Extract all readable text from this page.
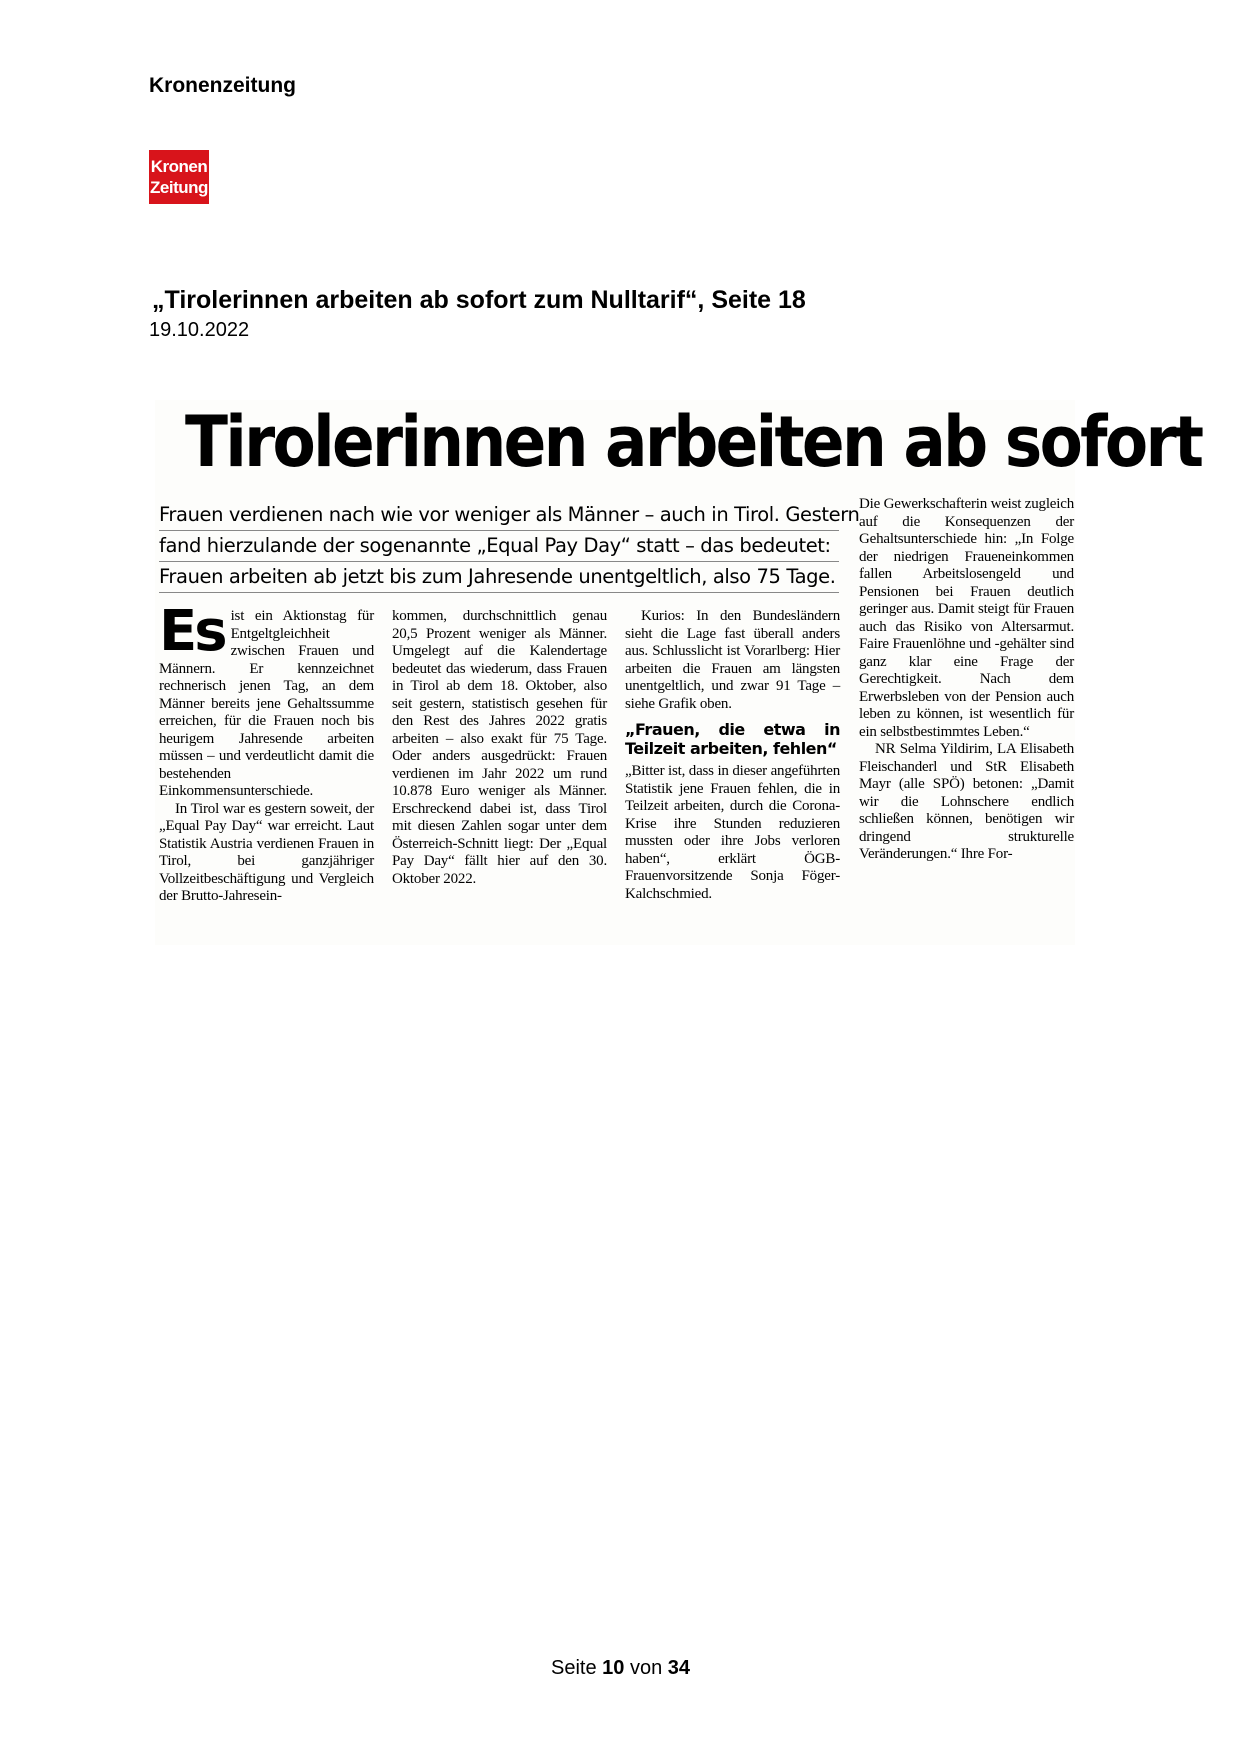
Kronenzeitung
Kronen
Zeitung
„Tirolerinnen arbeiten ab sofort zum Nulltarif“, Seite 18
19.10.2022
Tirolerinnen arbeiten ab sofort
Frauen verdienen nach wie vor weniger als Männer – auch in Tirol. Gestern
fand hierzulande der sogenannte „Equal Pay Day“ statt – das bedeutet:
Frauen arbeiten ab jetzt bis zum Jahresende unentgeltlich, also 75 Tage.
Es ist ein Aktionstag für Entgeltgleichheit zwischen Frauen und Männern. Er kennzeichnet rechnerisch jenen Tag, an dem Männer bereits jene Gehaltssumme erreichen, für die Frauen noch bis heurigem Jahresende arbeiten müssen – und verdeutlicht damit die bestehenden Einkommensunterschiede.

In Tirol war es gestern soweit, der „Equal Pay Day“ war erreicht. Laut Statistik Austria verdienen Frauen in Tirol, bei ganzjähriger Vollzeitbeschäftigung und Vergleich der Brutto-Jahresein-

kommen, durchschnittlich genau 20,5 Prozent weniger als Männer. Umgelegt auf die Kalendertage bedeutet das wiederum, dass Frauen in Tirol ab dem 18. Oktober, also seit gestern, statistisch gesehen für den Rest des Jahres 2022 gratis arbeiten – also exakt für 75 Tage. Oder anders ausgedrückt: Frauen verdienen im Jahr 2022 um rund 10.878 Euro weniger als Männer. Erschreckend dabei ist, dass Tirol mit diesen Zahlen sogar unter dem Österreich-Schnitt liegt: Der „Equal Pay Day“ fällt hier auf den 30. Oktober 2022.

Kurios: In den Bundesländern sieht die Lage fast überall anders aus. Schlusslicht ist Vorarlberg: Hier arbeiten die Frauen am längsten unentgeltlich, und zwar 91 Tage – siehe Grafik oben.

„Frauen, die etwa in Teilzeit arbeiten, fehlen“

„Bitter ist, dass in dieser angeführten Statistik jene Frauen fehlen, die in Teilzeit arbeiten, durch die Corona-Krise ihre Stunden reduzieren mussten oder ihre Jobs verloren haben“, erklärt ÖGB-Frauenvorsitzende Sonja Föger-Kalchschmied.

Die Gewerkschafterin weist zugleich auf die Konsequenzen der Gehaltsunterschiede hin: „In Folge der niedrigen Fraueneinkommen fallen Arbeitslosengeld und Pensionen bei Frauen deutlich geringer aus. Damit steigt für Frauen auch das Risiko von Altersarmut. Faire Frauenlöhne und -gehälter sind ganz klar eine Frage der Gerechtigkeit. Nach dem Erwerbsleben von der Pension auch leben zu können, ist wesentlich für ein selbstbestimmtes Leben.“

NR Selma Yildirim, LA Elisabeth Fleischanderl und StR Elisabeth Mayr (alle SPÖ) betonen: „Damit wir die Lohnschere endlich schließen können, benötigen wir dringend strukturelle Veränderungen.“ Ihre For-

Seite 10 von 34
